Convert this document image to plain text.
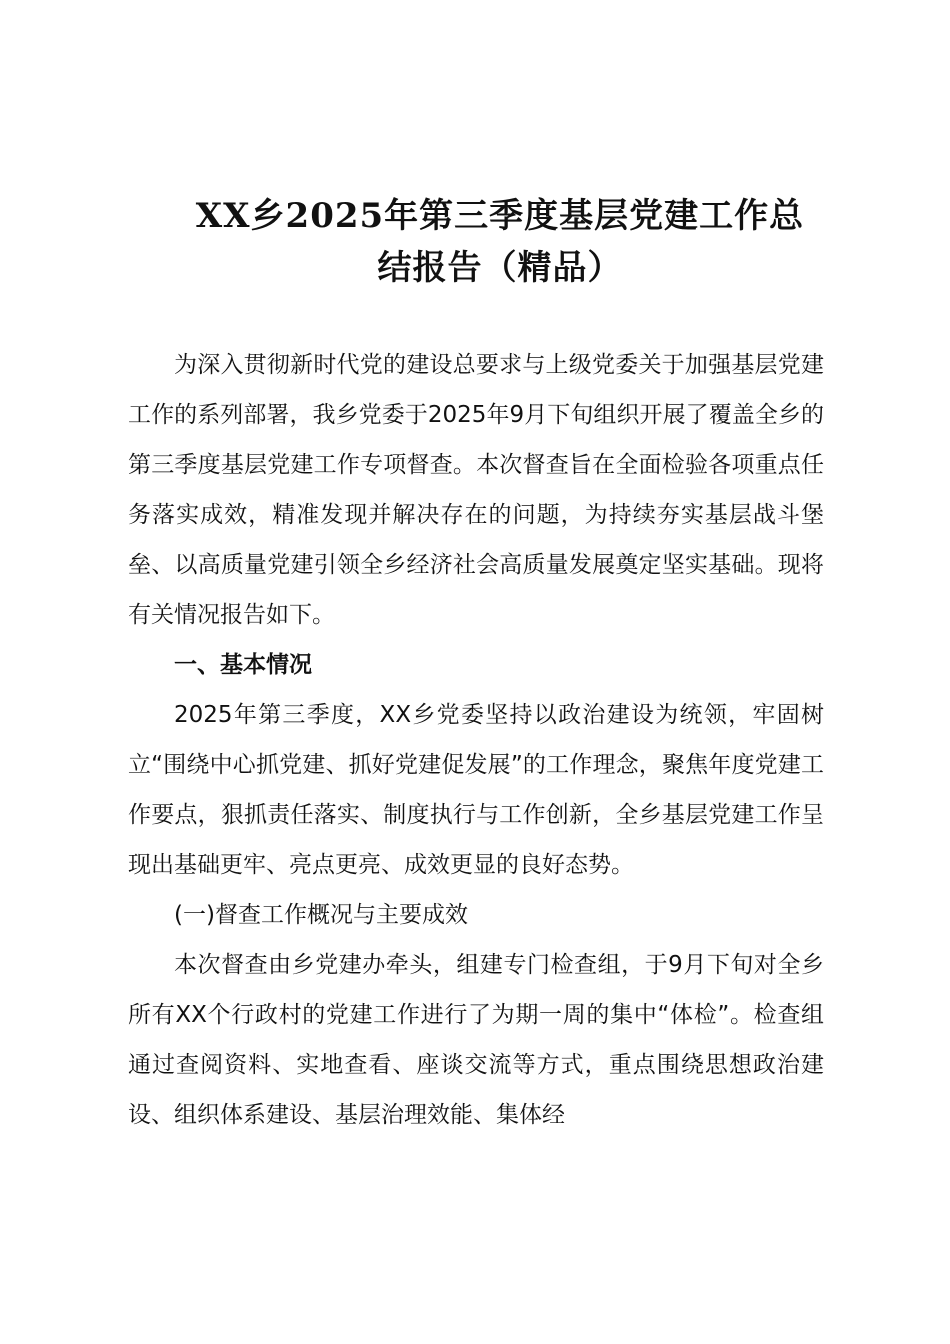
XX乡2025年第三季度基层党建工作总
结报告（精品）

为深入贯彻新时代党的建设总要求与上级党委关于加强基层党建工作的系列部署，我乡党委于2025年9月下旬组织开展了覆盖全乡的第三季度基层党建工作专项督查。本次督查旨在全面检验各项重点任务落实成效，精准发现并解决存在的问题，为持续夯实基层战斗堡垒、以高质量党建引领全乡经济社会高质量发展奠定坚实基础。现将有关情况报告如下。

一、基本情况

2025年第三季度，XX乡党委坚持以政治建设为统领，牢固树立“围绕中心抓党建、抓好党建促发展”的工作理念，聚焦年度党建工作要点，狠抓责任落实、制度执行与工作创新，全乡基层党建工作呈现出基础更牢、亮点更亮、成效更显的良好态势。

(一)督查工作概况与主要成效

本次督查由乡党建办牵头，组建专门检查组，于9月下旬对全乡所有XX个行政村的党建工作进行了为期一周的集中“体检”。检查组通过查阅资料、实地查看、座谈交流等方式，重点围绕思想政治建设、组织体系建设、基层治理效能、集体经
